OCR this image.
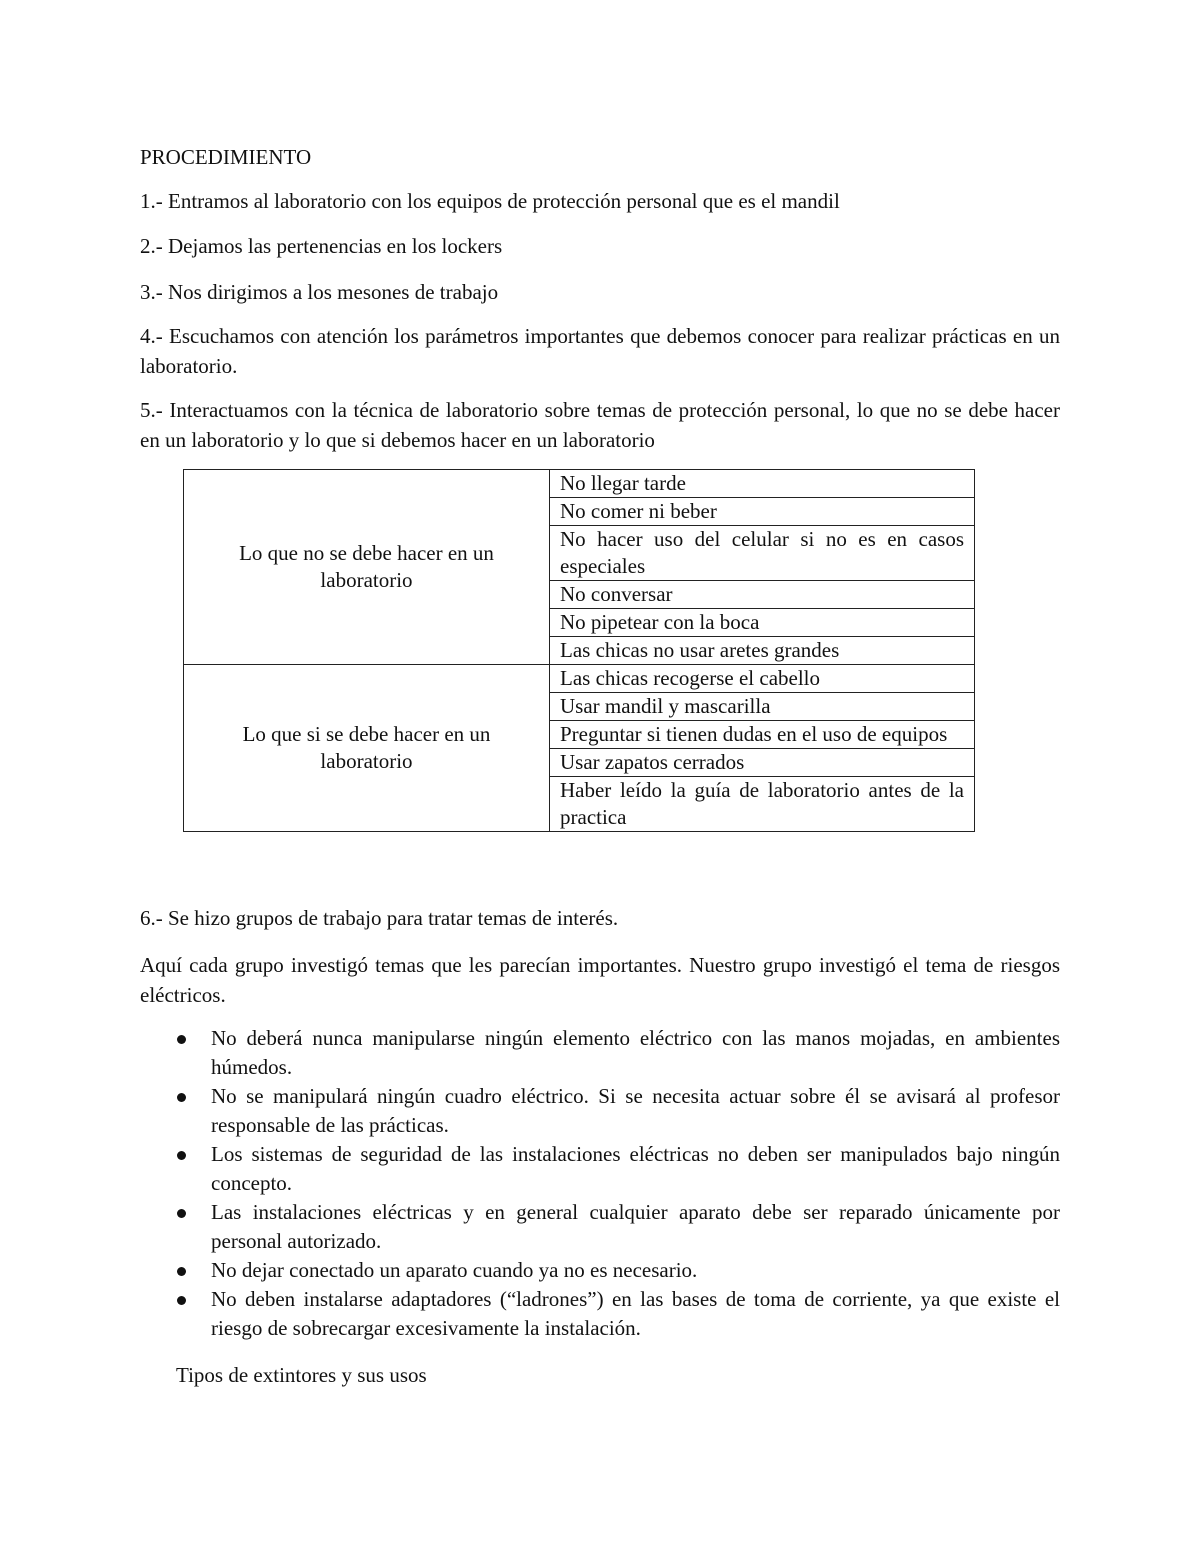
PROCEDIMIENTO

1.- Entramos al laboratorio con los equipos de protección personal que es el mandil

2.- Dejamos las pertenencias en los lockers

3.- Nos dirigimos a los mesones de trabajo

4.- Escuchamos con atención los parámetros importantes que debemos conocer para realizar prácticas en un laboratorio.

5.- Interactuamos con la técnica de laboratorio sobre temas de protección personal, lo que no se debe hacer en un laboratorio y lo que si debemos hacer en un laboratorio

Lo que no se debe hacer en un laboratorio	No llegar tarde
	No comer ni beber
	No hacer uso del celular si no es en casos especiales
	No conversar
	No pipetear con la boca
	Las chicas no usar aretes grandes
Lo que si se debe hacer en un laboratorio	Las chicas recogerse el cabello
	Usar mandil y mascarilla
	Preguntar si tienen dudas en el uso de equipos
	Usar zapatos cerrados
	Haber leído la guía de laboratorio antes de la practica

6.- Se hizo grupos de trabajo para tratar temas de interés.

Aquí cada grupo investigó temas que les parecían importantes. Nuestro grupo investigó el tema de riesgos eléctricos.

No deberá nunca manipularse ningún elemento eléctrico con las manos mojadas, en ambientes húmedos.
No se manipulará ningún cuadro eléctrico. Si se necesita actuar sobre él se avisará al profesor responsable de las prácticas.
Los sistemas de seguridad de las instalaciones eléctricas no deben ser manipulados bajo ningún concepto.
Las instalaciones eléctricas y en general cualquier aparato debe ser reparado únicamente por personal autorizado.
No dejar conectado un aparato cuando ya no es necesario.
No deben instalarse adaptadores (“ladrones”) en las bases de toma de corriente, ya que existe el riesgo de sobrecargar excesivamente la instalación.

Tipos de extintores y sus usos
